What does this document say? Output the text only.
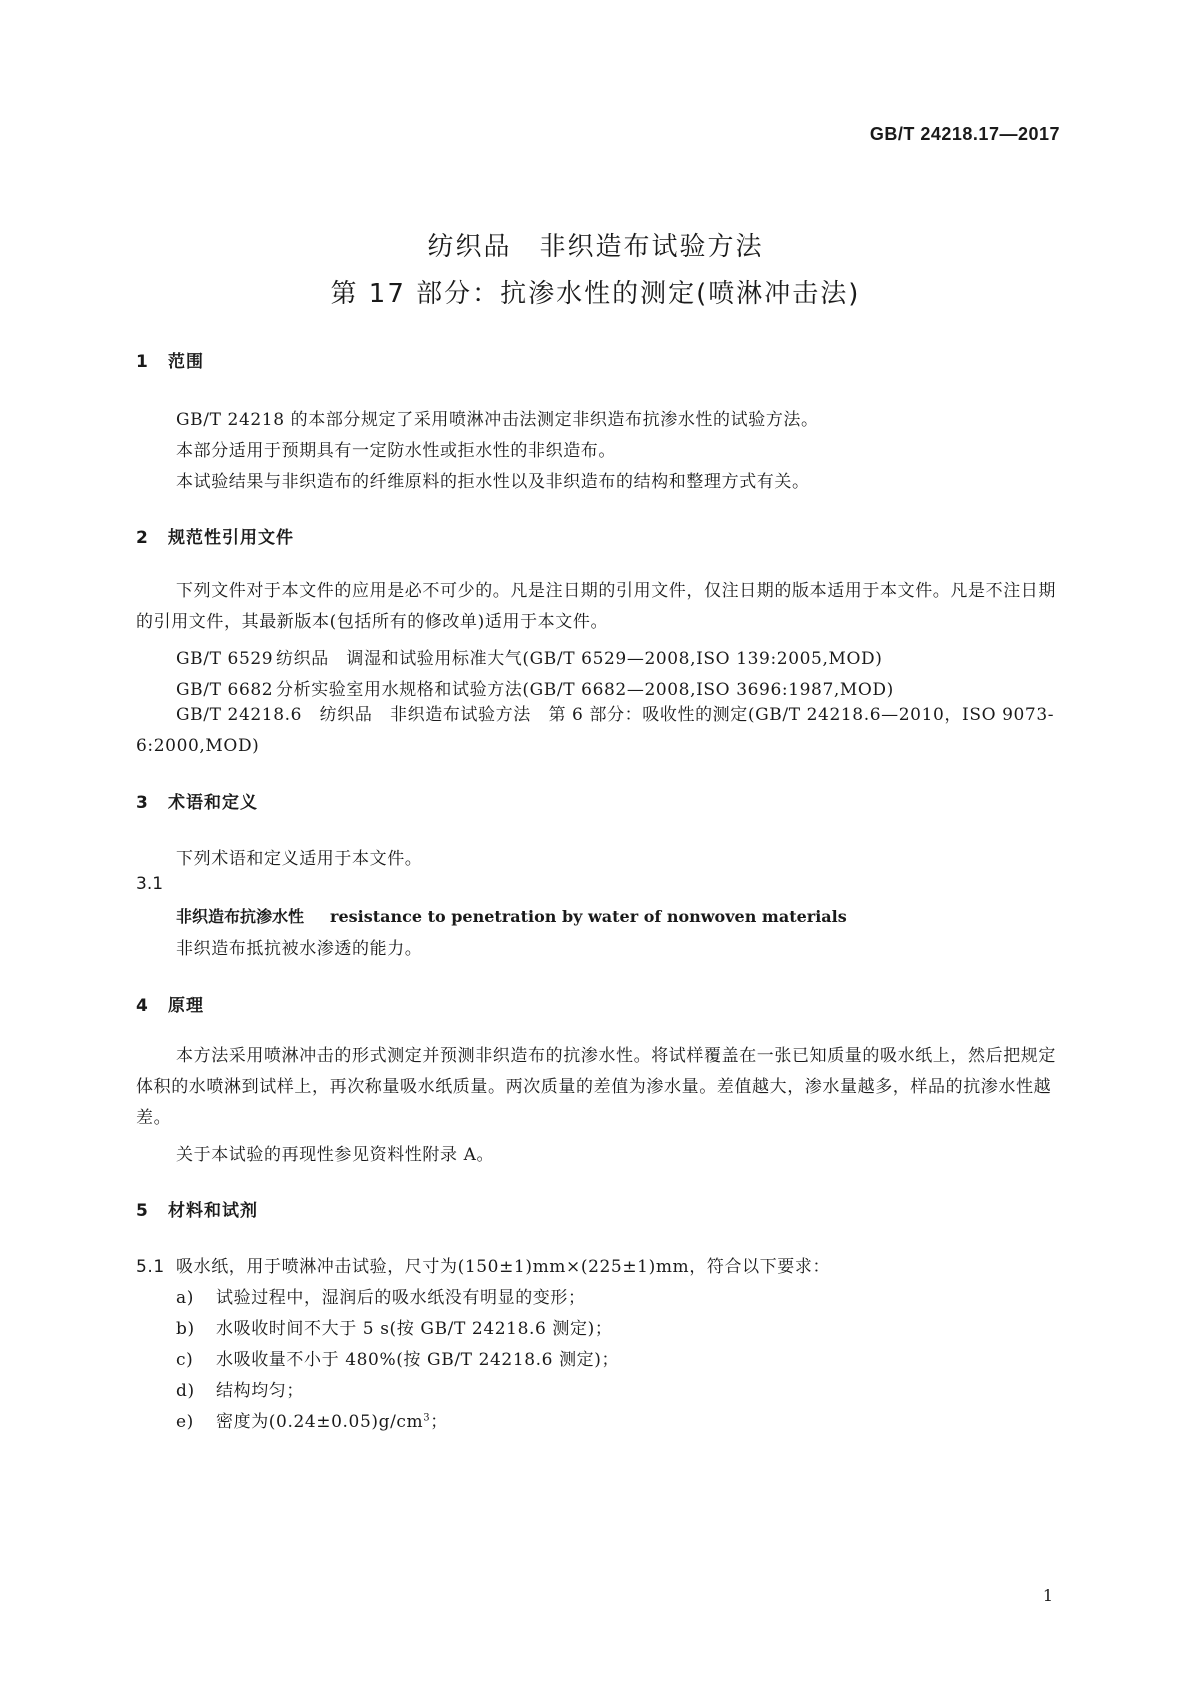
GB/T 24218.17—2017
纺织品　非织造布试验方法
第 17 部分：抗渗水性的测定(喷淋冲击法)
1 范围
GB/T 24218 的本部分规定了采用喷淋冲击法测定非织造布抗渗水性的试验方法。
本部分适用于预期具有一定防水性或拒水性的非织造布。
本试验结果与非织造布的纤维原料的拒水性以及非织造布的结构和整理方式有关。
2 规范性引用文件
下列文件对于本文件的应用是必不可少的。凡是注日期的引用文件，仅注日期的版本适用于本文件。凡是不注日期的引用文件，其最新版本(包括所有的修改单)适用于本文件。
GB/T 6529 纺织品　调湿和试验用标准大气(GB/T 6529—2008,ISO 139:2005,MOD)
GB/T 6682 分析实验室用水规格和试验方法(GB/T 6682—2008,ISO 3696:1987,MOD)
GB/T 24218.6　纺织品　非织造布试验方法　第 6 部分：吸收性的测定(GB/T 24218.6—2010，ISO 9073-6:2000,MOD)
3 术语和定义
下列术语和定义适用于本文件。
3.1
非织造布抗渗水性 resistance to penetration by water of nonwoven materials
非织造布抵抗被水渗透的能力。
4 原理
本方法采用喷淋冲击的形式测定并预测非织造布的抗渗水性。将试样覆盖在一张已知质量的吸水纸上，然后把规定体积的水喷淋到试样上，再次称量吸水纸质量。两次质量的差值为渗水量。差值越大，渗水量越多，样品的抗渗水性越差。
关于本试验的再现性参见资料性附录 A。
5 材料和试剂
5.1 吸水纸，用于喷淋冲击试验，尺寸为(150±1)mm×(225±1)mm，符合以下要求：
a) 试验过程中，湿润后的吸水纸没有明显的变形；
b) 水吸收时间不大于 5 s(按 GB/T 24218.6 测定)；
c) 水吸收量不小于 480%(按 GB/T 24218.6 测定)；
d) 结构均匀；
e) 密度为$(0.24\pm 0.05)g/cm^3$；
1
